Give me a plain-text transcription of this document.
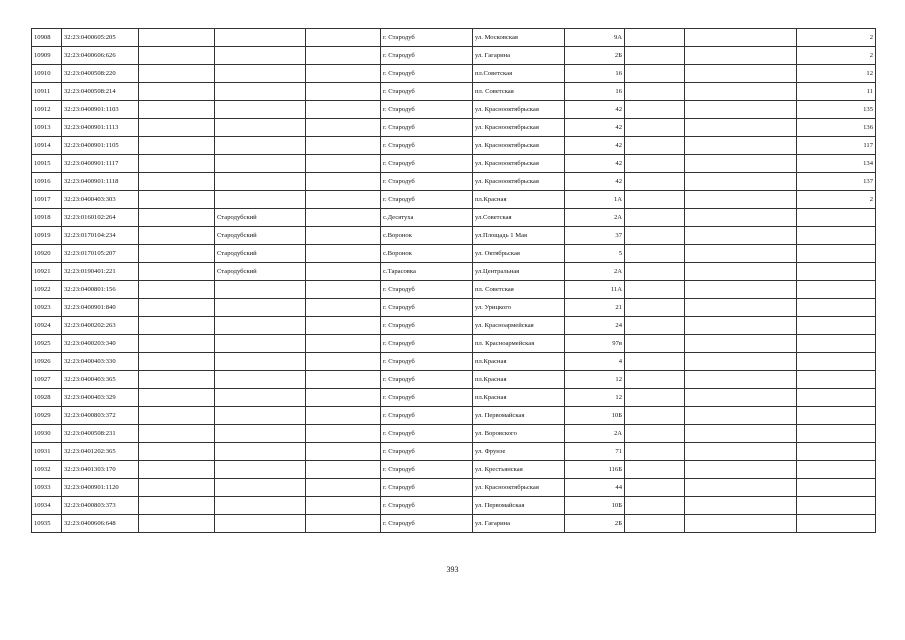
10908	32:23:0400605:205				г. Стародуб	ул. Московская	9А			2
10909	32:23:0400606:626				г. Стародуб	ул. Гагарина	2Б			2
10910	32:23:0400508:220				г. Стародуб	пл.Советская	16			12
10911	32:23:0400508:214				г. Стародуб	пл. Советская	16			11
10912	32:23:0400901:1103				г. Стародуб	ул. Краснооктябрьская	42			135
10913	32:23:0400901:1113				г. Стародуб	ул. Краснооктябрьская	42			136
10914	32:23:0400901:1105				г. Стародуб	ул. Краснооктябрьская	42			117
10915	32:23:0400901:1117				г. Стародуб	ул. Краснооктябрьская	42			134
10916	32:23:0400901:1118				г. Стародуб	ул. Краснооктябрьская	42			137
10917	32:23:0400403:303				г. Стародуб	пл.Красная	1А			2
10918	32:23:0160102:264		Стародубский		с.Десятуха	ул.Советская	2А			
10919	32:23:0170104:234		Стародубский		с.Воронок	ул.Площадь 1 Мая	37			
10920	32:23:0170105:207		Стародубский		с.Воронок	ул. Октябрьская	5			
10921	32:23:0190401:221		Стародубский		с.Тарасовка	ул.Центральная	2А			
10922	32:23:0400801:156				г. Стародуб	пл. Советская	11А			
10923	32:23:0400901:840				г. Стародуб	ул. Урицкого	21			
10924	32:23:0400202:263				г. Стародуб	ул. Красноармейская	24			
10925	32:23:0400203:340				г. Стародуб	пл. Красноармейская	97в			
10926	32:23:0400403:330				г. Стародуб	пл.Красная	4			
10927	32:23:0400403:365				г. Стародуб	пл.Красная	12			
10928	32:23:0400403:329				г. Стародуб	пл.Красная	12			
10929	32:23:0400803:372				г. Стародуб	ул. Первомайская	10Б			
10930	32:23:0400508:231				г. Стародуб	ул. Воровского	2А			
10931	32:23:0401202:365				г. Стародуб	ул. Фрунзе	71			
10932	32:23:0401303:170				г. Стародуб	ул. Крестьянская	116Б			
10933	32:23:0400901:1120				г. Стародуб	ул. Краснооктябрьская	44			
10934	32:23:0400803:373				г. Стародуб	ул. Первомайская	10Б			
10935	32:23:0400606:648				г. Стародуб	ул. Гагарина	2Б			
393
